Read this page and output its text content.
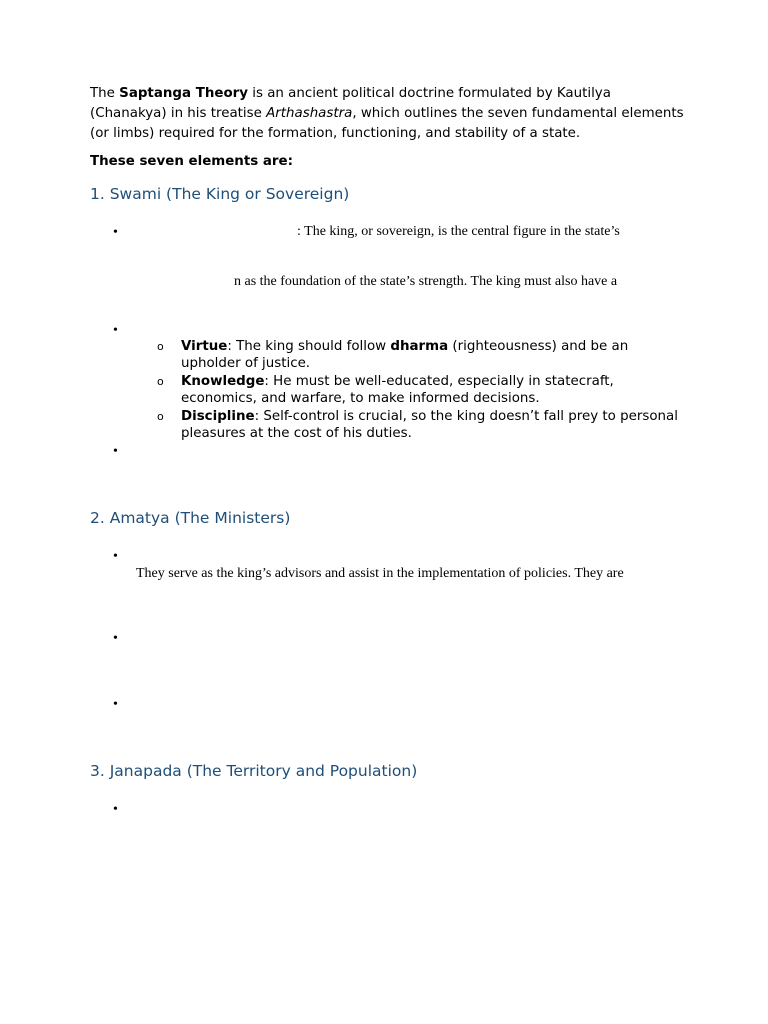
The Saptanga Theory is an ancient political doctrine formulated by Kautilya (Chanakya) in his treatise Arthashastra, which outlines the seven fundamental elements (or limbs) required for the formation, functioning, and stability of a state.

These seven elements are:

1. Swami (The King or Sovereign)
•	: The king, or sovereign, is the central figure in the state’s

n as the foundation of the state’s strength. The king must also have a

•
o Virtue: The king should follow dharma (righteousness) and be an upholder of justice.
o Knowledge: He must be well-educated, especially in statecraft, economics, and warfare, to make informed decisions.
o Discipline: Self-control is crucial, so the king doesn’t fall prey to personal pleasures at the cost of his duties.
•
2. Amatya (The Ministers)
•

They serve as the king’s advisors and assist in the implementation of policies. They are

•
•
3. Janapada (The Territory and Population)
•
